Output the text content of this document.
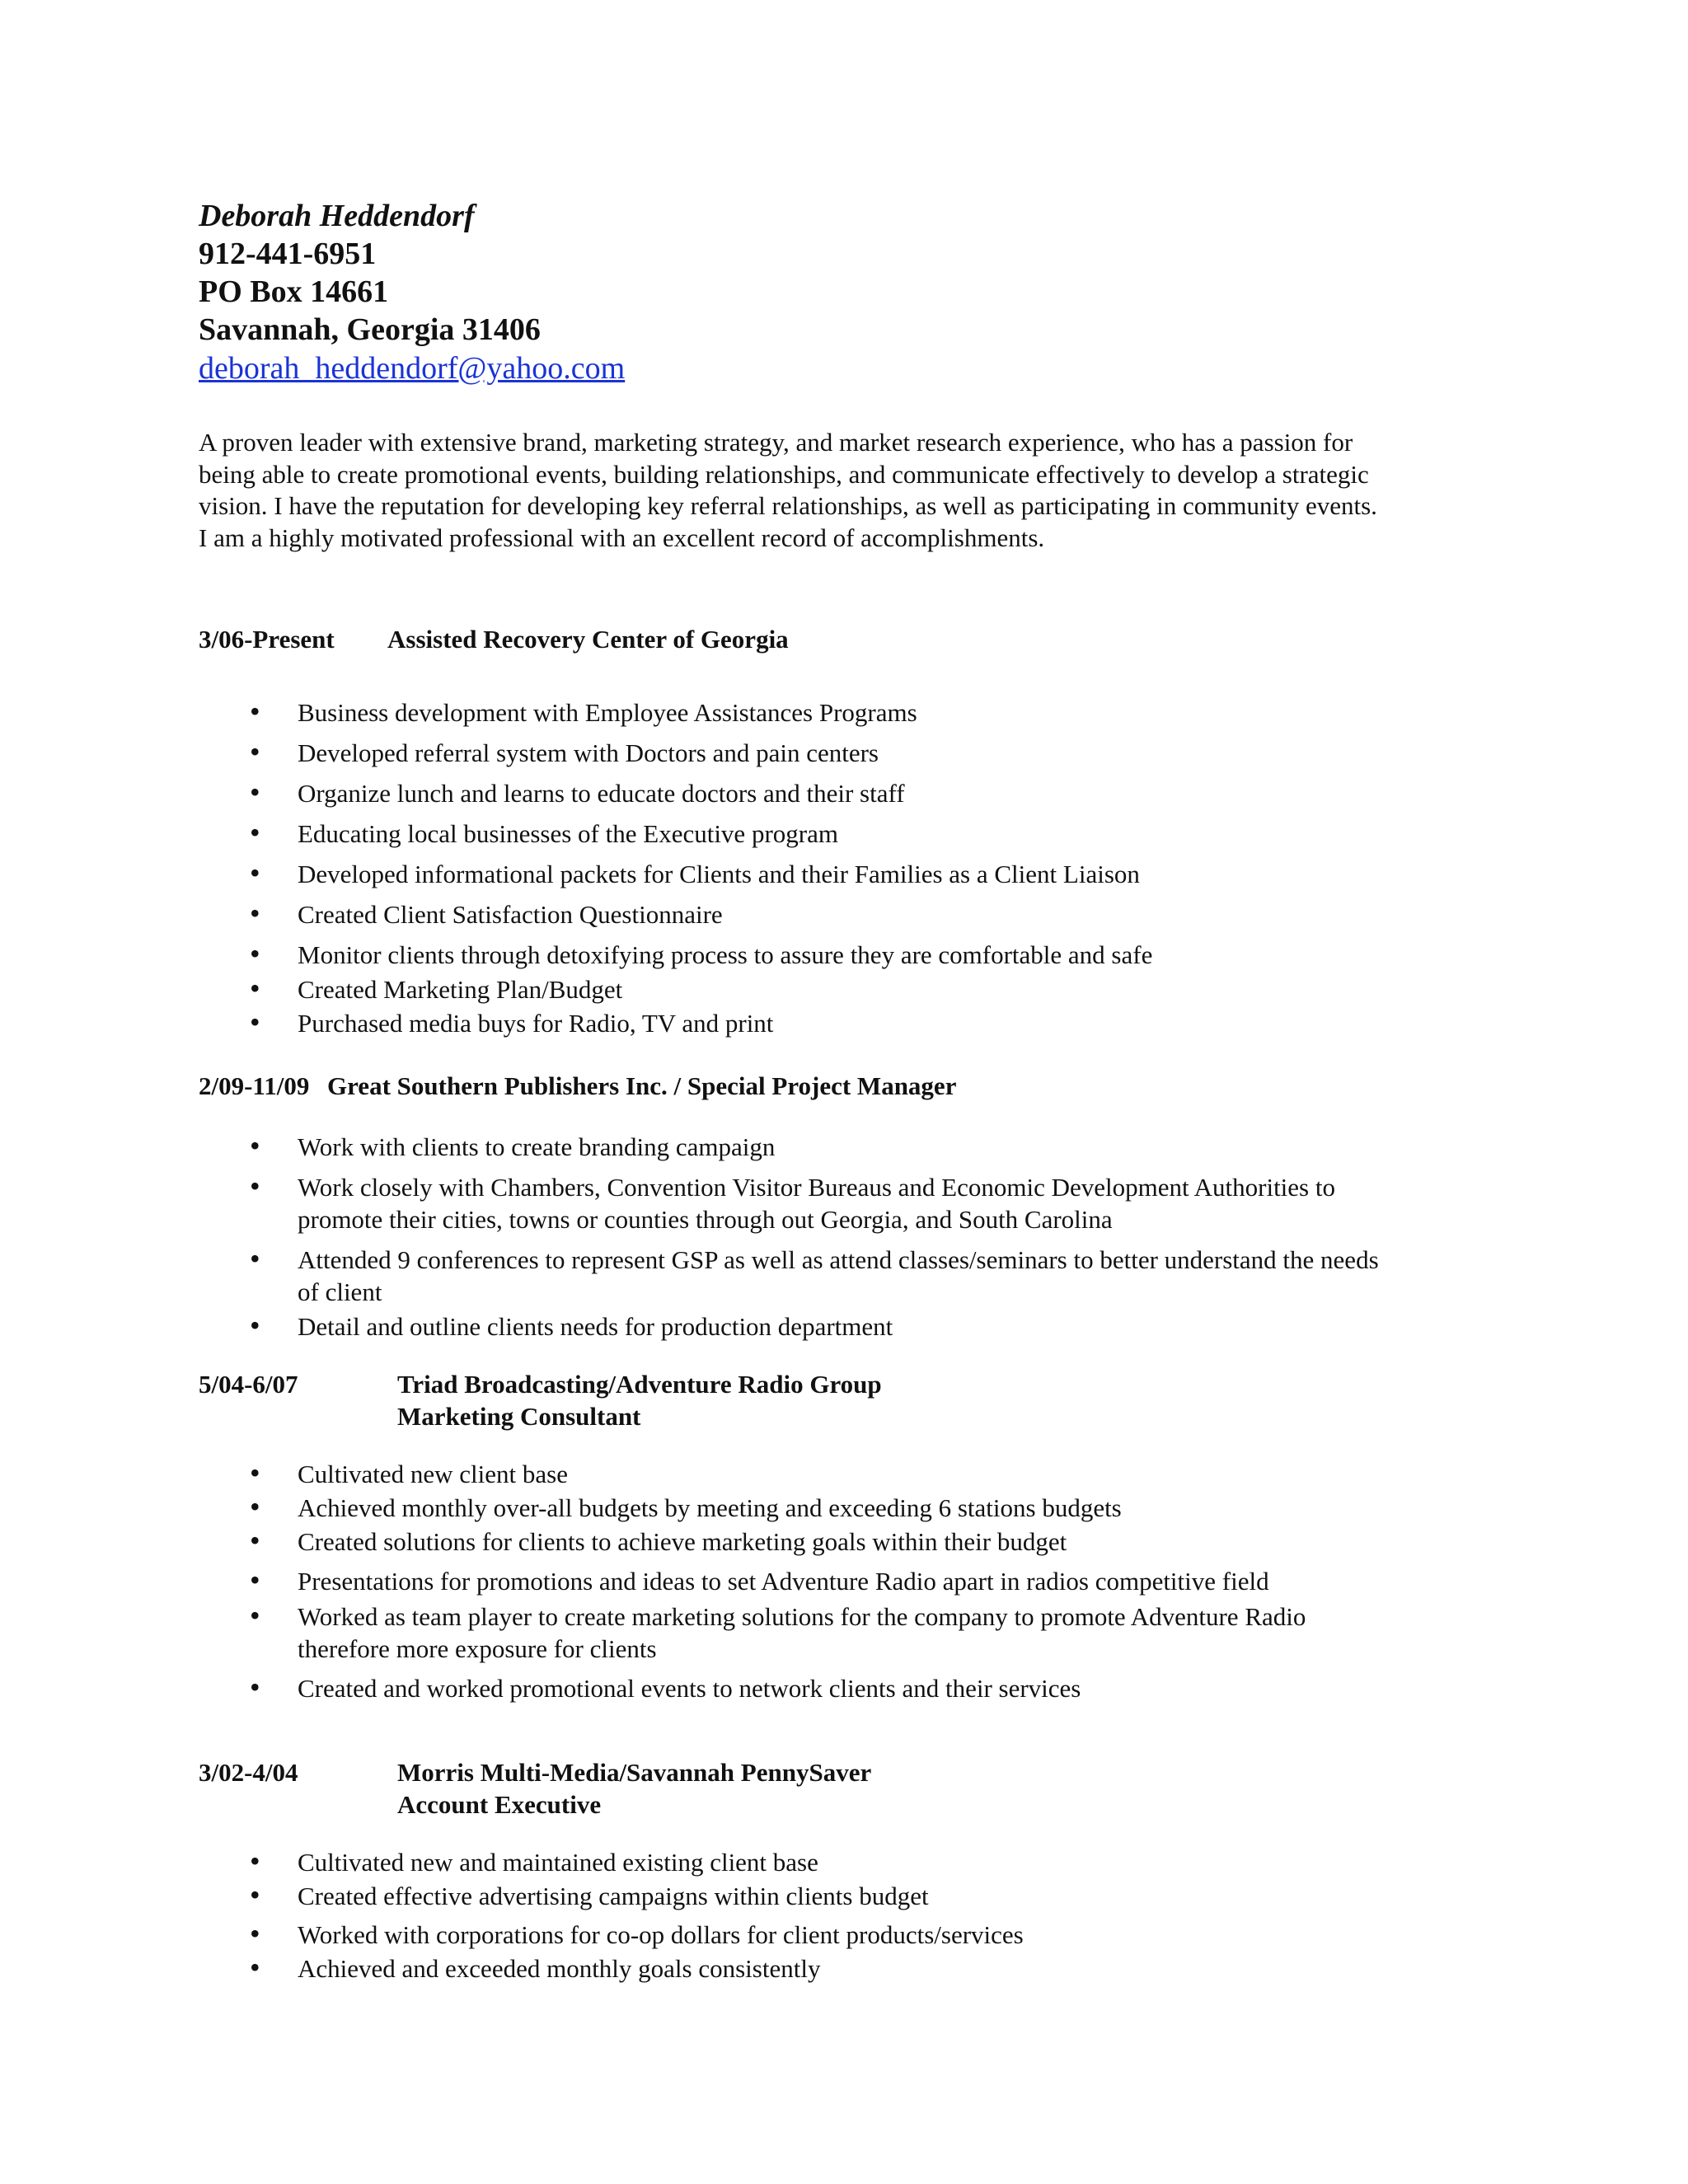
Deborah Heddendorf
912-441-6951
PO Box 14661
Savannah, Georgia 31406
deborah_heddendorf@yahoo.com

A proven leader with extensive brand, marketing strategy, and market research experience, who has a passion for

being able to create promotional events, building relationships, and communicate effectively to develop a strategic

vision. I have the reputation for developing key referral relationships, as well as participating in community events.

I am a highly motivated professional with an excellent record of accomplishments.

3/06-Present Assisted Recovery Center of Georgia
• Business development with Employee Assistances Programs
• Developed referral system with Doctors and pain centers
• Organize lunch and learns to educate doctors and their staff
• Educating local businesses of the Executive program
• Developed informational packets for Clients and their Families as a Client Liaison
• Created Client Satisfaction Questionnaire
• Monitor clients through detoxifying process to assure they are comfortable and safe
• Created Marketing Plan/Budget
• Purchased media buys for Radio, TV and print
2/09-11/09 Great Southern Publishers Inc. / Special Project Manager
• Work with clients to create branding campaign
• Work closely with Chambers, Convention Visitor Bureaus and Economic Development Authorities to
promote their cities, towns or counties through out Georgia, and South Carolina
• Attended 9 conferences to represent GSP as well as attend classes/seminars to better understand the needs
of client
• Detail and outline clients needs for production department
5/04-6/07	Triad Broadcasting/Adventure Radio Group
Marketing Consultant
• Cultivated new client base
• Achieved monthly over-all budgets by meeting and exceeding 6 stations budgets
• Created solutions for clients to achieve marketing goals within their budget
• Presentations for promotions and ideas to set Adventure Radio apart in radios competitive field
• Worked as team player to create marketing solutions for the company to promote Adventure Radio
therefore more exposure for clients
• Created and worked promotional events to network clients and their services
3/02-4/04	Morris Multi-Media/Savannah PennySaver
Account Executive
• Cultivated new and maintained existing client base
• Created effective advertising campaigns within clients budget
• Worked with corporations for co-op dollars for client products/services
• Achieved and exceeded monthly goals consistently
